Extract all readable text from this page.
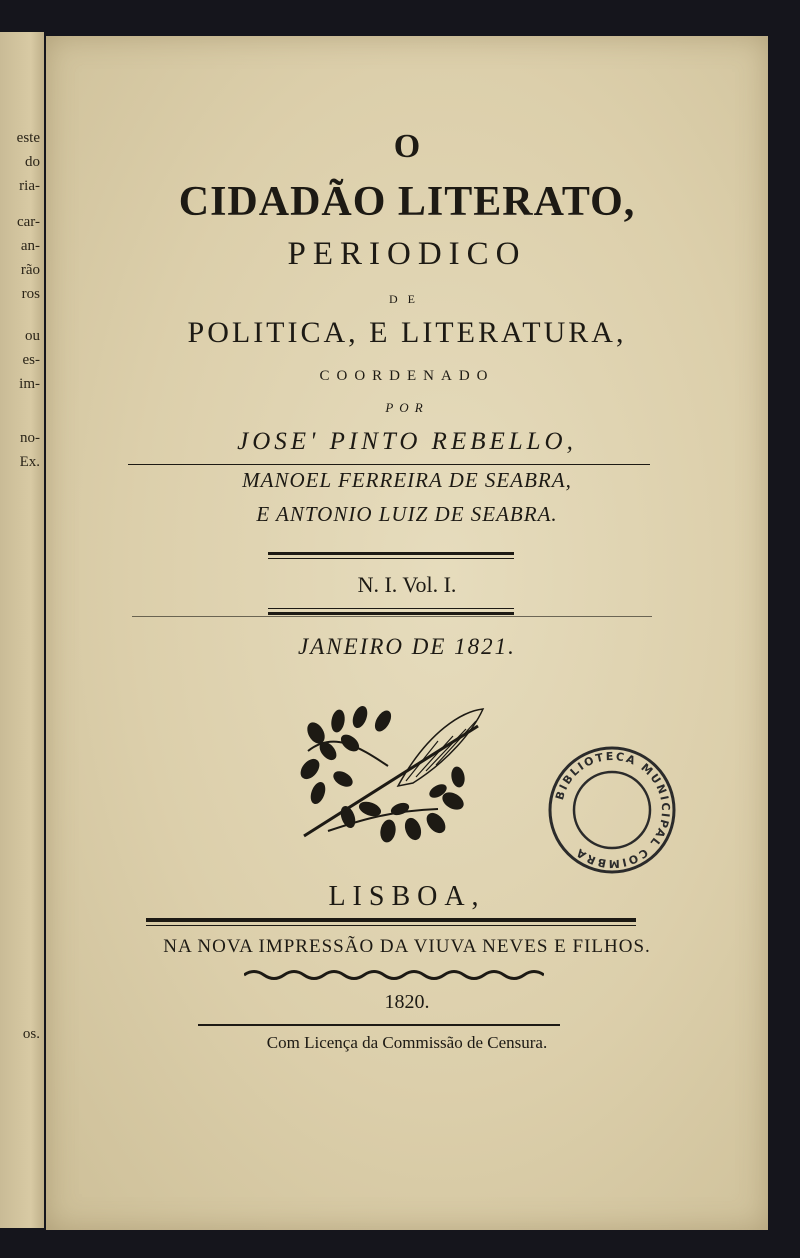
este
do
ria-
car-
an-
rão
ros
ou
es-
im-
no-
Ex.
os.
O
CIDADÃO LITERATO,
PERIODICO
DE
POLITICA, E LITERATURA,
COORDENADO
POR
JOSE' PINTO REBELLO,
MANOEL FERREIRA DE SEABRA,
E ANTONIO LUIZ DE SEABRA.
N. I. Vol. I.
JANEIRO DE 1821.
BIBLIOTECA MUNICIPAL COIMBRA
LISBOA,
NA NOVA IMPRESSÃO DA VIUVA NEVES E FILHOS.
1820.
Com Licença da Commissão de Censura.
